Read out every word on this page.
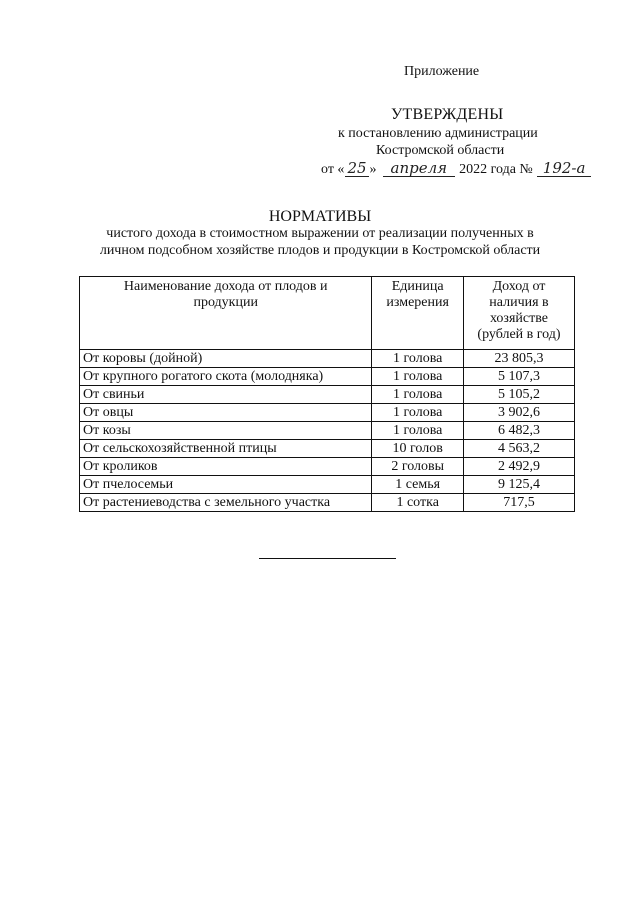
Приложение
УТВЕРЖДЕНЫ
к постановлению администрации
Костромской области
от « 25 » апреля 2022 года № 192-а
НОРМАТИВЫ
чистого дохода в стоимостном выражении от реализации полученных в
личном подсобном хозяйстве плодов и продукции в Костромской области
Наименование дохода от плодов и продукции	Единица измерения	Доход от наличия в хозяйстве (рублей в год)

От коровы (дойной)	1 голова	23 805,3
От крупного рогатого скота (молодняка)	1 голова	5 107,3
От свиньи	1 голова	5 105,2
От овцы	1 голова	3 902,6
От козы	1 голова	6 482,3
От сельскохозяйственной птицы	10 голов	4 563,2
От кроликов	2 головы	2 492,9
От пчелосемьи	1 семья	9 125,4
От растениеводства с земельного участка	1 сотка	717,5
